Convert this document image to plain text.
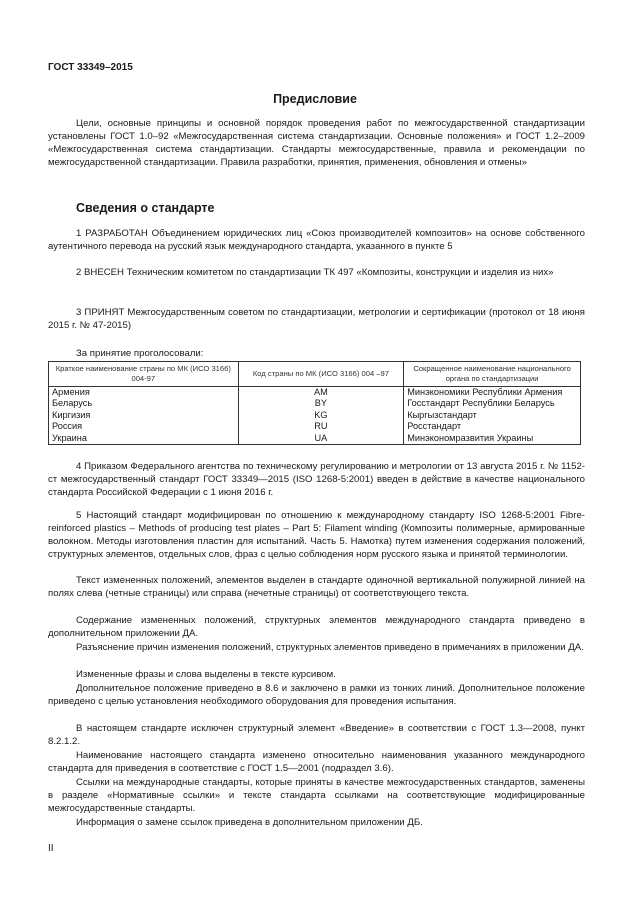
ГОСТ 33349–2015
Предисловие

Цели, основные принципы и основной порядок проведения работ по межгосударственной стандартизации установлены ГОСТ 1.0–92 «Межгосударственная система стандартизации. Основные положения» и ГОСТ 1.2–2009 «Межгосударственная система стандартизации. Стандарты межгосударственные, правила и рекомендации по межгосударственной стандартизации. Правила разработки, принятия, применения, обновления и отмены»

Сведения о стандарте

1 РАЗРАБОТАН Объединением юридических лиц «Союз производителей композитов» на основе собственного аутентичного перевода на русский язык международного стандарта, указанного в пункте 5

2 ВНЕСЕН Техническим комитетом по стандартизации ТК 497 «Композиты, конструкции и изделия из них»

3 ПРИНЯТ Межгосударственным советом по стандартизации, метрологии и сертификации (протокол от 18 июня 2015 г. № 47-2015)

За принятие проголосовали:
Краткое наименование страны по МК (ИСО 3166) 004-97	Код страны по МК (ИСО 3166) 004 –97	Сокращенное наименование национального органа по стандартизации
Армения	AM	Минэкономики Республики Армения
Беларусь	BY	Госстандарт Республики Беларусь
Киргизия	KG	Кыргызстандарт
Россия	RU	Росстандарт
Украина	UA	Минэкономразвития Украины

4 Приказом Федерального агентства по техническому регулированию и метрологии от 13 августа 2015 г. № 1152-ст межгосударственный стандарт ГОСТ 33349—2015 (ISO 1268-5:2001) введен в действие в качестве национального стандарта Российской Федерации с 1 июня 2016 г.

5 Настоящий стандарт модифицирован по отношению к международному стандарту ISO 1268-5:2001 Fibre-reinforced plastics – Methods of producing test plates – Part 5: Filament winding (Композиты полимерные, армированные волокном. Методы изготовления пластин для испытаний. Часть 5. Намотка) путем изменения содержания положений, структурных элементов, отдельных слов, фраз с целью соблюдения норм русского языка и принятой терминологии.

Текст измененных положений, элементов выделен в стандарте одиночной вертикальной полужирной линией на полях слева (четные страницы) или справа (нечетные страницы) от соответствующего текста.

Содержание измененных положений, структурных элементов международного стандарта приведено в дополнительном приложении ДА.

Разъяснение причин изменения положений, структурных элементов приведено в примечаниях в приложении ДА.

Измененные фразы и слова выделены в тексте курсивом.

Дополнительное положение приведено в 8.6 и заключено в рамки из тонких линий. Дополнительное положение приведено с целью установления необходимого оборудования для проведения испытания.

В настоящем стандарте исключен структурный элемент «Введение» в соответствии с ГОСТ 1.3—2008, пункт 8.2.1.2.

Наименование настоящего стандарта изменено относительно наименования указанного международного стандарта для приведения в соответствие с ГОСТ 1.5—2001 (подраздел 3.6).

Ссылки на международные стандарты, которые приняты в качестве межгосударственных стандартов, заменены в разделе «Нормативные ссылки» и тексте стандарта ссылками на соответствующие модифицированные межгосударственные стандарты.

Информация о замене ссылок приведена в дополнительном приложении ДБ.

II
